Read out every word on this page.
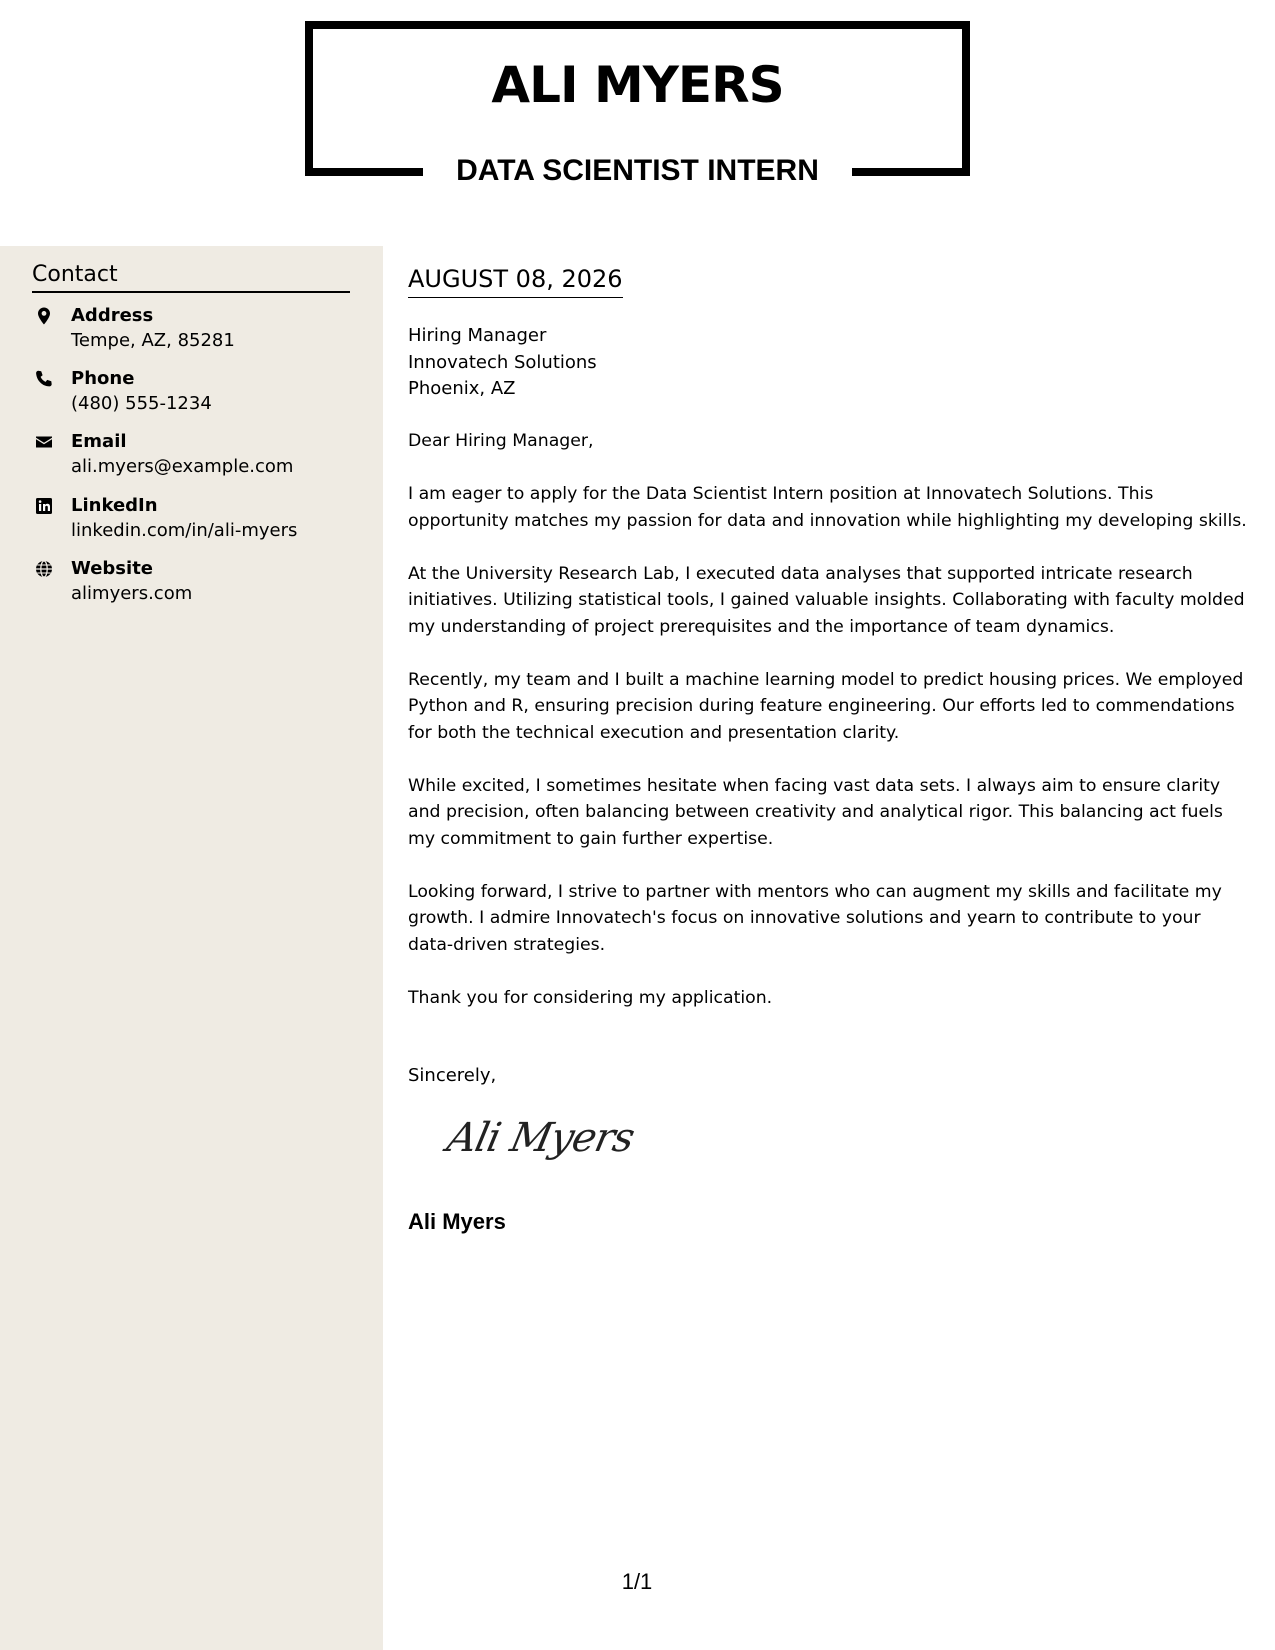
ALI MYERS
DATA SCIENTIST INTERN
Contact
Address
Tempe, AZ, 85281
Phone
(480) 555-1234
Email
ali.myers@example.com
LinkedIn
linkedin.com/in/ali-myers
Website
alimyers.com
AUGUST 08, 2026
Hiring Manager
Innovatech Solutions
Phoenix, AZ

Dear Hiring Manager,

I am eager to apply for the Data Scientist Intern position at Innovatech Solutions. This opportunity matches my passion for data and innovation while highlighting my developing skills.

At the University Research Lab, I executed data analyses that supported intricate research initiatives. Utilizing statistical tools, I gained valuable insights. Collaborating with faculty molded my understanding of project prerequisites and the importance of team dynamics.

Recently, my team and I built a machine learning model to predict housing prices. We employed Python and R, ensuring precision during feature engineering. Our efforts led to commendations for both the technical execution and presentation clarity.

While excited, I sometimes hesitate when facing vast data sets. I always aim to ensure clarity and precision, often balancing between creativity and analytical rigor. This balancing act fuels my commitment to gain further expertise.

Looking forward, I strive to partner with mentors who can augment my skills and facilitate my growth. I admire Innovatech's focus on innovative solutions and yearn to contribute to your data-driven strategies.

Thank you for considering my application.

Sincerely,
Ali Myers
Ali Myers
1/1
